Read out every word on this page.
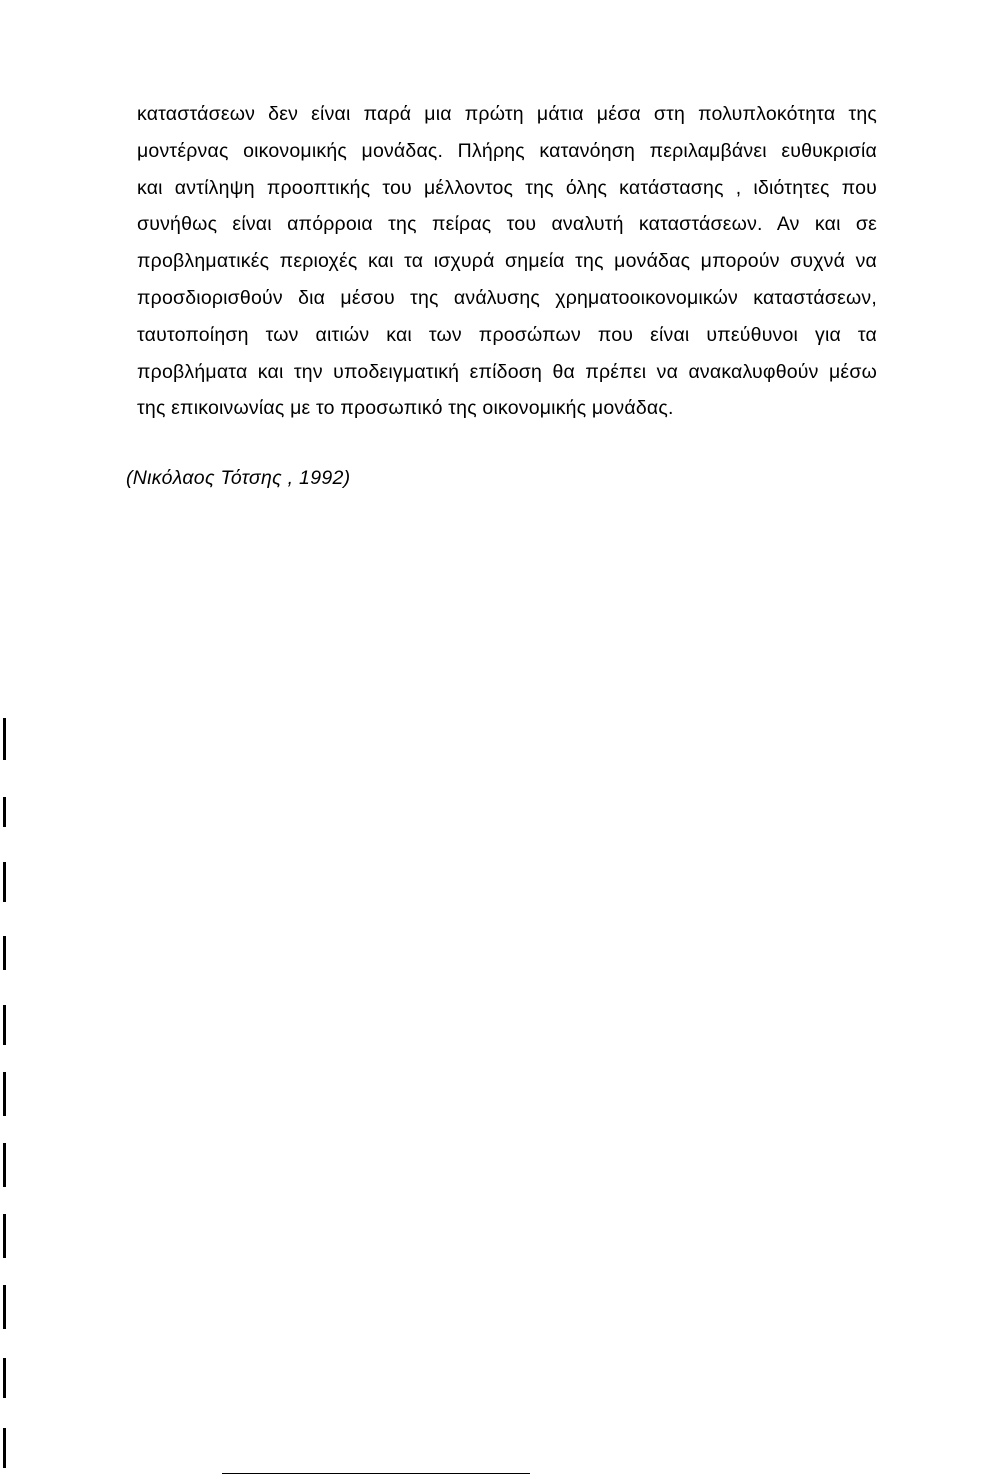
καταστάσεων δεν είναι παρά μια πρώτη μάτια μέσα στη πολυπλοκότητα της
μοντέρνας οικονομικής μονάδας. Πλήρης κατανόηση περιλαμβάνει ευθυκρισία
και αντίληψη προοπτικής του μέλλοντος της όλης κατάστασης , ιδιότητες που
συνήθως είναι απόρροια της πείρας του αναλυτή καταστάσεων. Αν και σε
προβληματικές περιοχές και τα ισχυρά σημεία της μονάδας μπορούν συχνά να
προσδιορισθούν δια μέσου της ανάλυσης χρηματοοικονομικών καταστάσεων,
ταυτοποίηση των αιτιών και των προσώπων που είναι υπεύθυνοι για τα
προβλήματα και την υποδειγματική επίδοση θα πρέπει να ανακαλυφθούν μέσω
της επικοινωνίας με το προσωπικό της οικονομικής μονάδας.
(Νικόλαος Τότσης , 1992)
